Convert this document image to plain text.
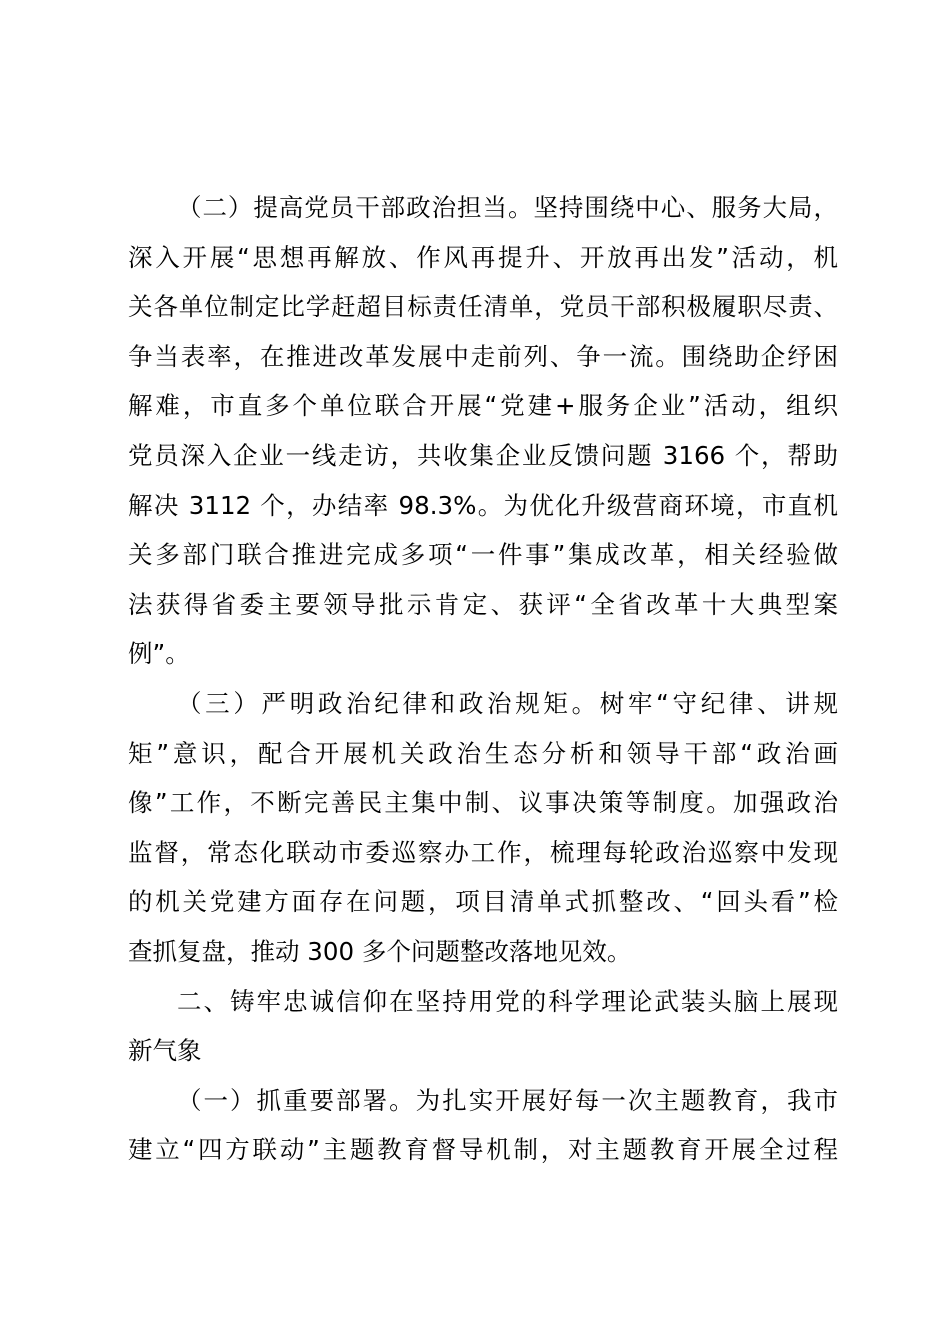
（二）提高党员干部政治担当。坚持围绕中心、服务大局，
深入开展“思想再解放、作风再提升、开放再出发”活动，机
关各单位制定比学赶超目标责任清单，党员干部积极履职尽责、
争当表率，在推进改革发展中走前列、争一流。围绕助企纾困
解难，市直多个单位联合开展“党建+服务企业”活动，组织
党员深入企业一线走访，共收集企业反馈问题 3166 个，帮助
解决 3112 个，办结率 98.3%。为优化升级营商环境，市直机
关多部门联合推进完成多项“一件事”集成改革，相关经验做
法获得省委主要领导批示肯定、获评“全省改革十大典型案
例”。
（三）严明政治纪律和政治规矩。树牢“守纪律、讲规
矩”意识，配合开展机关政治生态分析和领导干部“政治画
像”工作，不断完善民主集中制、议事决策等制度。加强政治
监督，常态化联动市委巡察办工作，梳理每轮政治巡察中发现
的机关党建方面存在问题，项目清单式抓整改、“回头看”检
查抓复盘，推动 300 多个问题整改落地见效。
二、铸牢忠诚信仰在坚持用党的科学理论武装头脑上展现
新气象
（一）抓重要部署。为扎实开展好每一次主题教育，我市
建立“四方联动”主题教育督导机制，对主题教育开展全过程
